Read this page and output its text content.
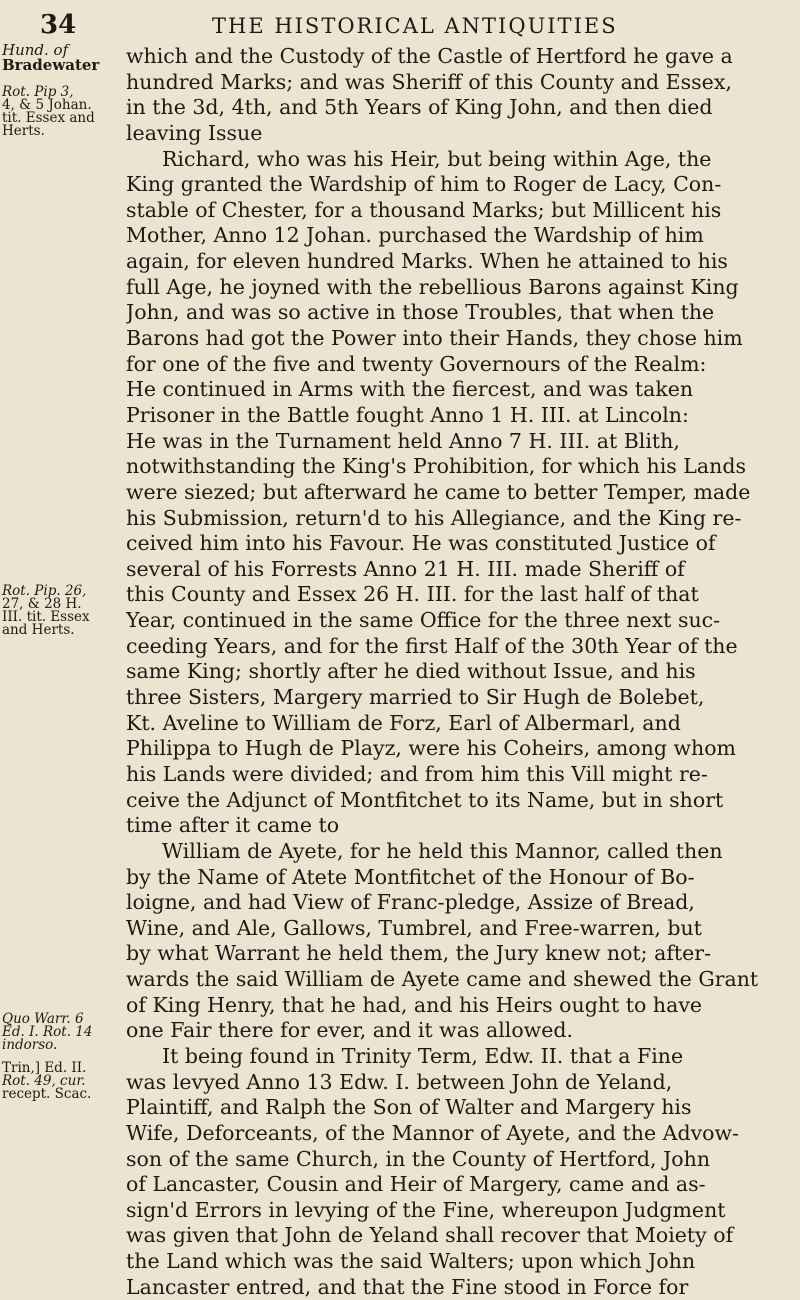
34	THE HISTORICAL ANTIQUITIES
Hund. of
Bradewater
Rot. Pip 3,
4, & 5 Johan.
tit. Essex and
Herts.
Rot. Pip. 26,
27, & 28 H.
III. tit. Essex
and Herts.
Quo Warr. 6
Ed. I. Rot. 14
indorso.
Trin,] Ed. II.
Rot. 49, cur.
recept. Scac.
which and the Custody of the Castle of Hertford he gave a
hundred Marks; and was Sheriff of this County and Essex,
in the 3d, 4th, and 5th Years of King John, and then died
leaving Issue
Richard, who was his Heir, but being within Age, the
King granted the Wardship of him to Roger de Lacy, Con-
stable of Chester, for a thousand Marks; but Millicent his
Mother, Anno 12 Johan. purchased the Wardship of him
again, for eleven hundred Marks. When he attained to his
full Age, he joyned with the rebellious Barons against King
John, and was so active in those Troubles, that when the
Barons had got the Power into their Hands, they chose him
for one of the five and twenty Governours of the Realm:
He continued in Arms with the fiercest, and was taken
Prisoner in the Battle fought Anno 1 H. III. at Lincoln:
He was in the Turnament held Anno 7 H. III. at Blith,
notwithstanding the King's Prohibition, for which his Lands
were siezed; but afterward he came to better Temper, made
his Submission, return'd to his Allegiance, and the King re-
ceived him into his Favour. He was constituted Justice of
several of his Forrests Anno 21 H. III. made Sheriff of
this County and Essex 26 H. III. for the last half of that
Year, continued in the same Office for the three next suc-
ceeding Years, and for the first Half of the 30th Year of the
same King; shortly after he died without Issue, and his
three Sisters, Margery married to Sir Hugh de Bolebet,
Kt. Aveline to William de Forz, Earl of Albermarl, and
Philippa to Hugh de Playz, were his Coheirs, among whom
his Lands were divided; and from him this Vill might re-
ceive the Adjunct of Montfitchet to its Name, but in short
time after it came to
William de Ayete, for he held this Mannor, called then
by the Name of Atete Montfitchet of the Honour of Bo-
loigne, and had View of Franc-pledge, Assize of Bread,
Wine, and Ale, Gallows, Tumbrel, and Free-warren, but
by what Warrant he held them, the Jury knew not; after-
wards the said William de Ayete came and shewed the Grant
of King Henry, that he had, and his Heirs ought to have
one Fair there for ever, and it was allowed.
It being found in Trinity Term, Edw. II. that a Fine
was levyed Anno 13 Edw. I. between John de Yeland,
Plaintiff, and Ralph the Son of Walter and Margery his
Wife, Deforceants, of the Mannor of Ayete, and the Advow-
son of the same Church, in the County of Hertford, John
of Lancaster, Cousin and Heir of Margery, came and as-
sign'd Errors in levying of the Fine, whereupon Judgment
was given that John de Yeland shall recover that Moiety of
the Land which was the said Walters; upon which John
Lancaster entred, and that the Fine stood in Force for
